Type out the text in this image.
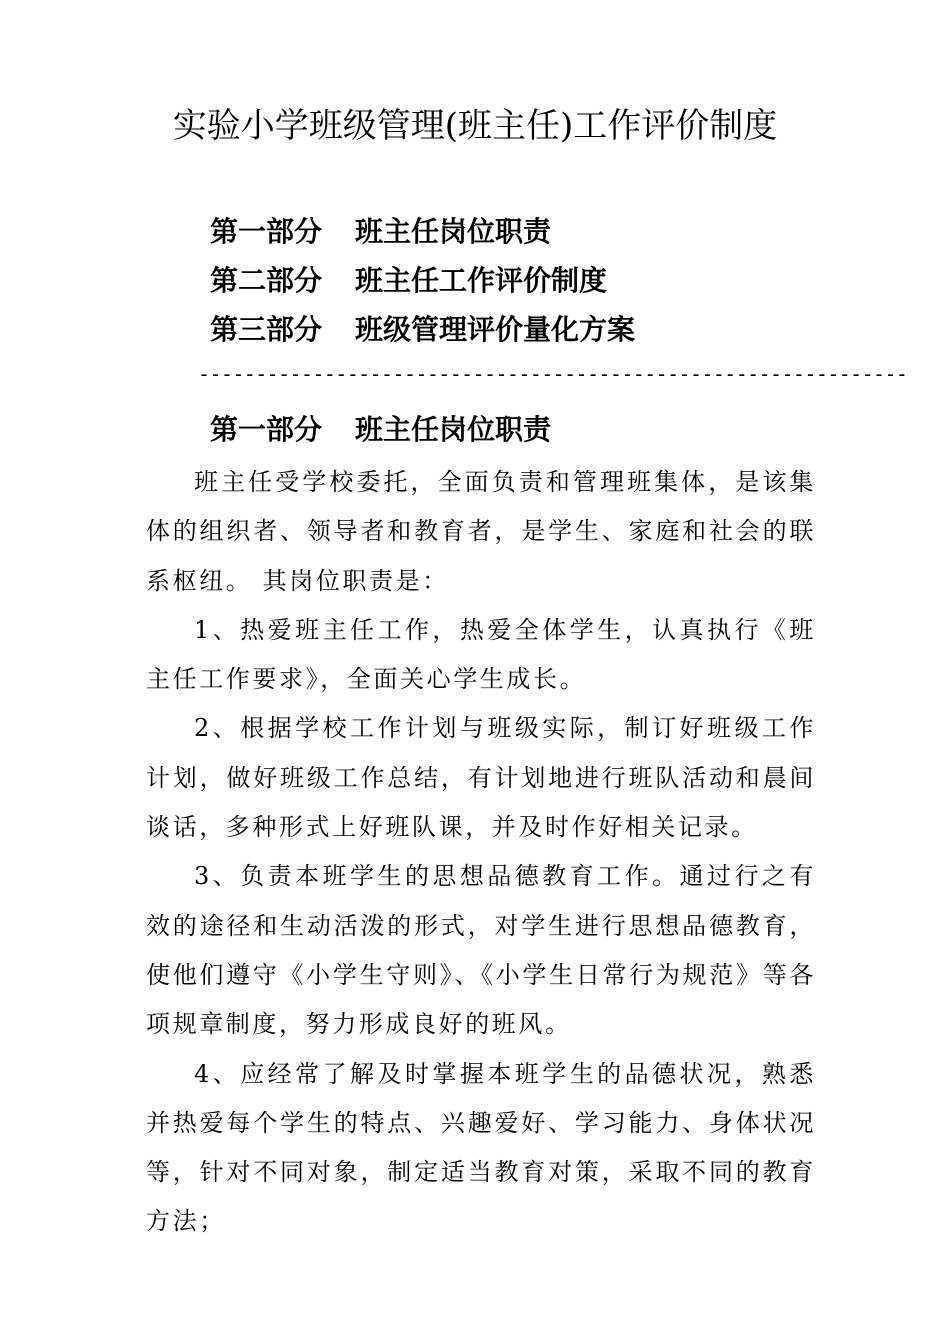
实验小学班级管理(班主任)工作评价制度
第一部分 班主任岗位职责
第二部分 班主任工作评价制度
第三部分 班级管理评价量化方案
--------------------------------------------------------------
第一部分 班主任岗位职责

班主任受学校委托，全面负责和管理班集体，是该集体的组织者、领导者和教育者，是学生、家庭和社会的联系枢纽。 其岗位职责是：

1、热爱班主任工作，热爱全体学生，认真执行《班主任工作要求》，全面关心学生成长。

2、根据学校工作计划与班级实际，制订好班级工作计划，做好班级工作总结，有计划地进行班队活动和晨间谈话，多种形式上好班队课，并及时作好相关记录。

3、负责本班学生的思想品德教育工作。通过行之有效的途径和生动活泼的形式，对学生进行思想品德教育，使他们遵守《小学生守则》、《小学生日常行为规范》等各项规章制度，努力形成良好的班风。

4、应经常了解及时掌握本班学生的品德状况，熟悉并热爱每个学生的特点、兴趣爱好、学习能力、身体状况等，针对不同对象，制定适当教育对策，采取不同的教育方法；
